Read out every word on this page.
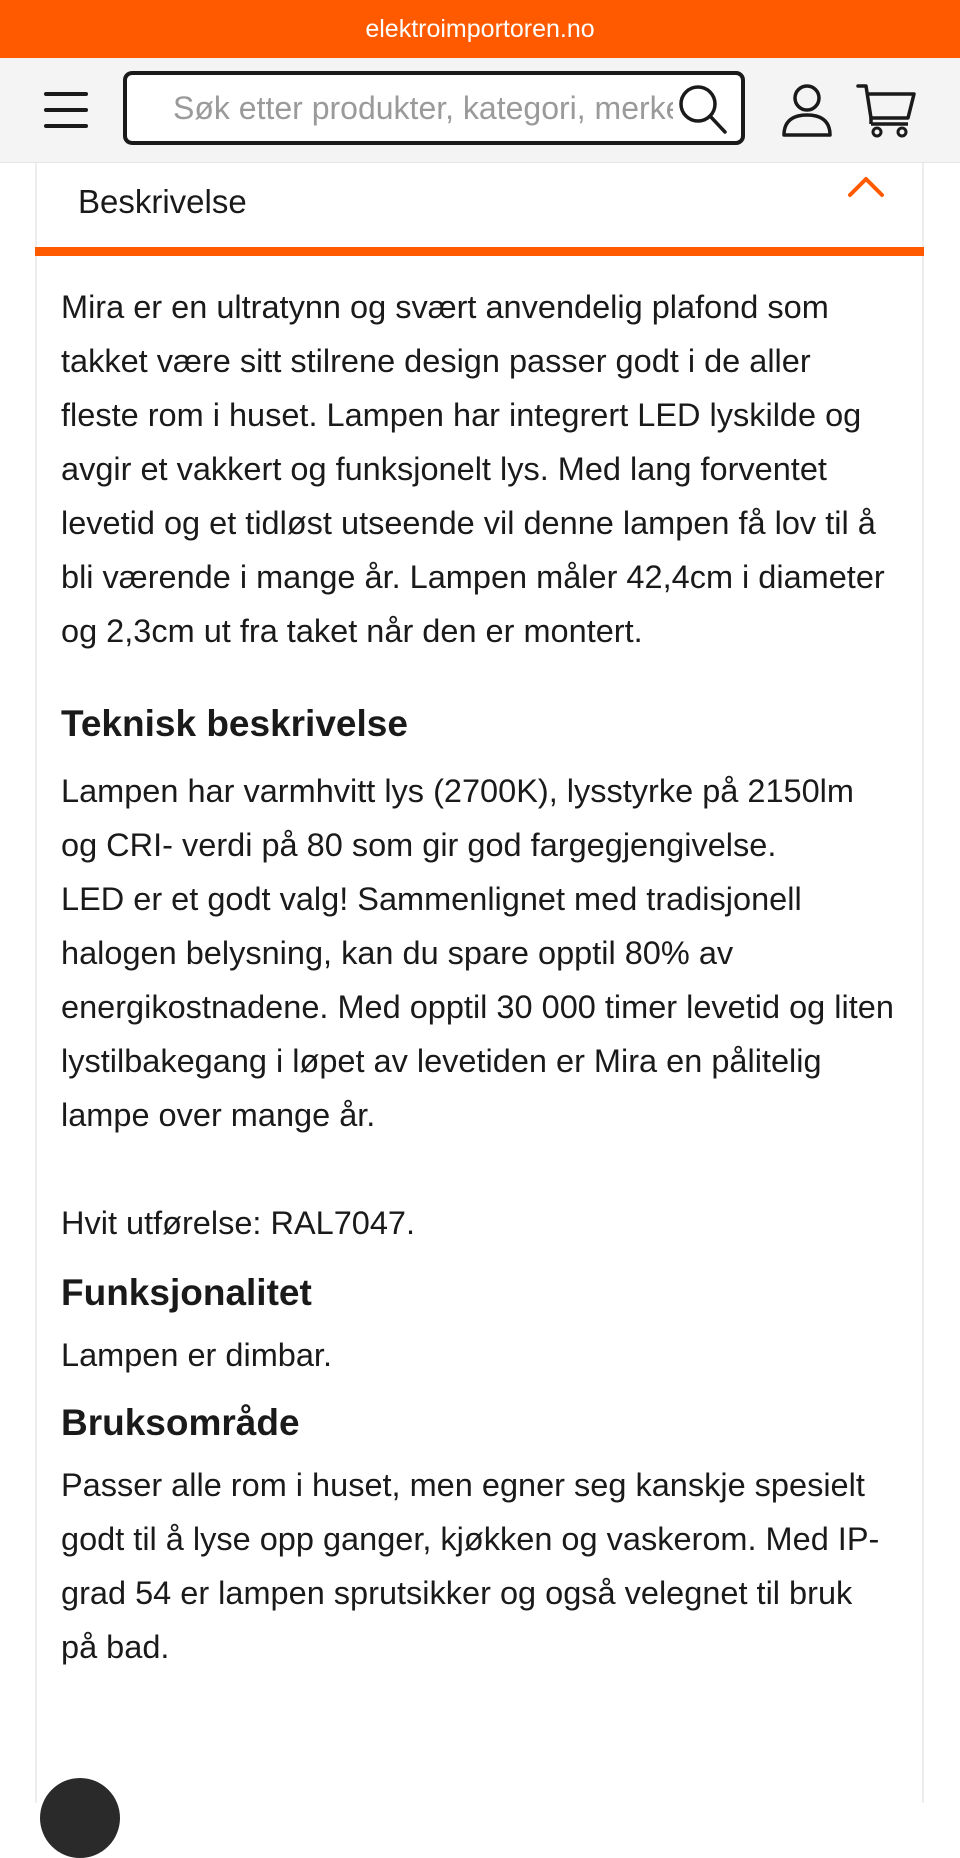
elektroimportoren.no
Søk etter produkter, kategori, merke
Beskrivelse

Mira er en ultratynn og svært anvendelig plafond som takket være sitt stilrene design passer godt i de aller fleste rom i huset. Lampen har integrert LED lyskilde og avgir et vakkert og funksjonelt lys. Med lang forventet levetid og et tidløst utseende vil denne lampen få lov til å bli værende i mange år. Lampen måler 42,4cm i diameter og 2,3cm ut fra taket når den er montert.

Teknisk beskrivelse

Lampen har varmhvitt lys (2700K), lysstyrke på 2150lm og CRI- verdi på 80 som gir god fargegjengivelse.

LED er et godt valg! Sammenlignet med tradisjonell halogen belysning, kan du spare opptil 80% av energikostnadene. Med opptil 30 000 timer levetid og liten lystilbakegang i løpet av levetiden er Mira en pålitelig lampe over mange år.

Hvit utførelse: RAL7047.

Funksjonalitet

Lampen er dimbar.

Bruksområde

Passer alle rom i huset, men egner seg kanskje spesielt godt til å lyse opp ganger, kjøkken og vaskerom. Med IP-grad 54 er lampen sprutsikker og også velegnet til bruk på bad.
